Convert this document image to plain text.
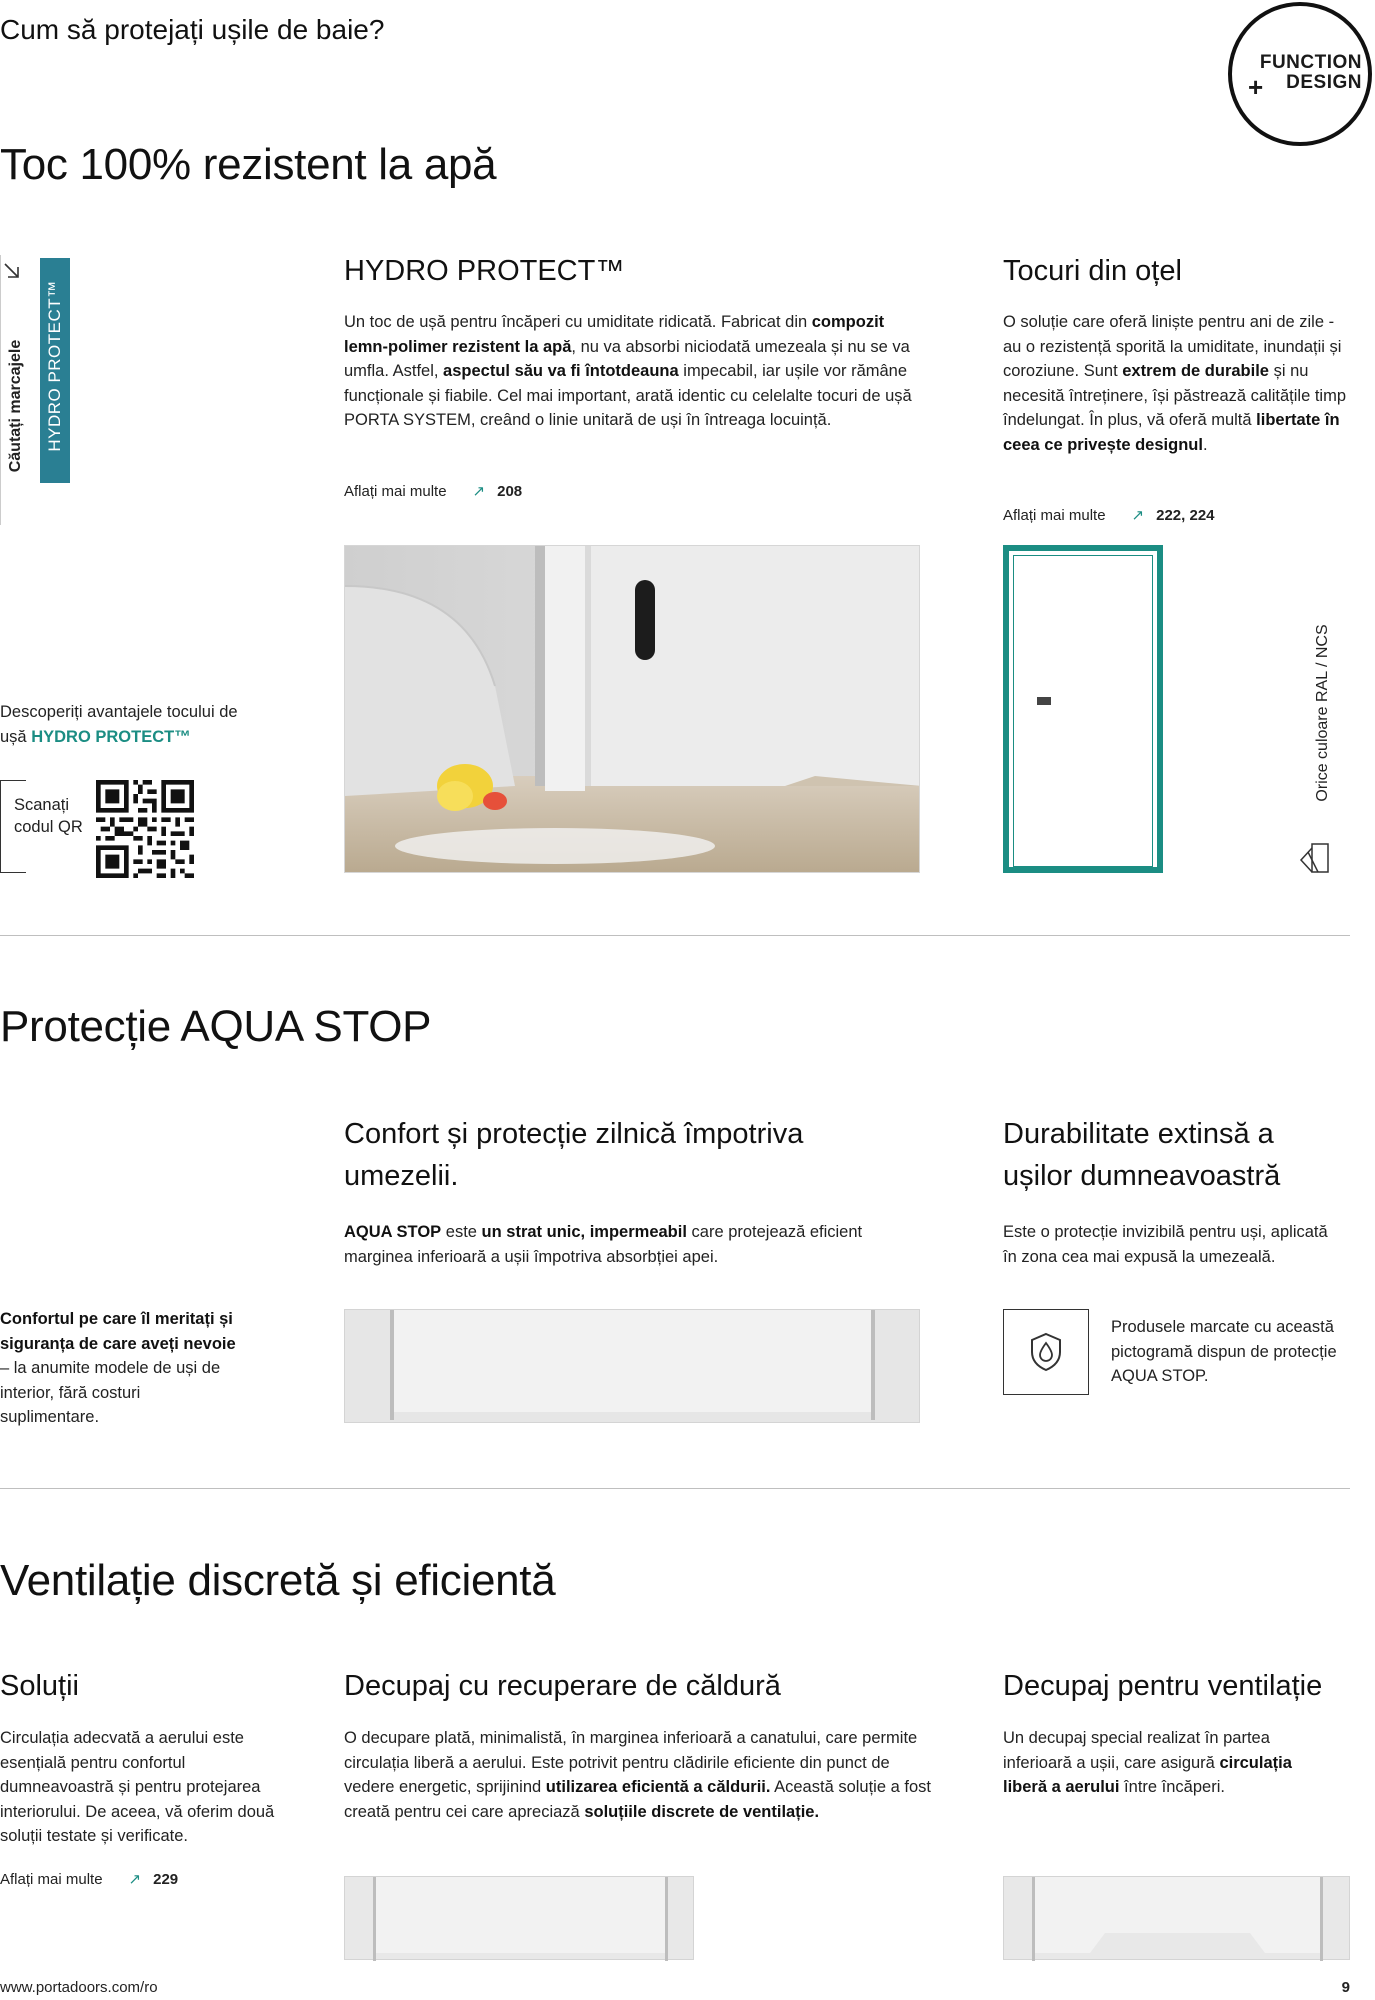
Cum să protejați ușile de baie?
FUNCTION
+	DESIGN
Toc 100% rezistent la apă
Căutați marcajele HYDRO PROTECT™
HYDRO PROTECT™
Un toc de ușă pentru încăperi cu umiditate ridicată. Fabricat din compozit lemn-polimer rezistent la apă, nu va absorbi niciodată umezeala și nu se va umfla. Astfel, aspectul său va fi întotdeauna impecabil, iar ușile vor rămâne funcționale și fiabile. Cel mai important, arată identic cu celelalte tocuri de ușă PORTA SYSTEM, creând o linie unitară de uși în întreaga locuință.
Aflați mai multe ↗ 208
Tocuri din oțel
O soluție care oferă liniște pentru ani de zile - au o rezistență sporită la umiditate, inundații și coroziune. Sunt extrem de durabile și nu necesită întreținere, își păstrează calitățile timp îndelungat. În plus, vă oferă multă libertate în ceea ce privește designul.
Aflați mai multe ↗ 222, 224
Descoperiți avantajele tocului de ușă HYDRO PROTECT™
Scanați codul QR
Orice culoare RAL / NCS
Protecție AQUA STOP
Confort și protecție zilnică împotriva umezelii.
AQUA STOP este un strat unic, impermeabil care protejează eficient marginea inferioară a ușii împotriva absorbției apei.
Durabilitate extinsă a ușilor dumneavoastră
Este o protecție invizibilă pentru uși, aplicată în zona cea mai expusă la umezeală.
Confortul pe care îl meritați și siguranța de care aveți nevoie – la anumite modele de uși de interior, fără costuri suplimentare.
Produsele marcate cu această pictogramă dispun de protecție AQUA STOP.
Ventilație discretă și eficientă
Soluții
Circulația adecvată a aerului este esențială pentru confortul dumneavoastră și pentru protejarea interiorului. De aceea, vă oferim două soluții testate și verificate.
Aflați mai multe ↗ 229
Decupaj cu recuperare de căldură
O decupare plată, minimalistă, în marginea inferioară a canatului, care permite circulația liberă a aerului. Este potrivit pentru clădirile eficiente din punct de vedere energetic, sprijinind utilizarea eficientă a căldurii. Această soluție a fost creată pentru cei care apreciază soluțiile discrete de ventilație.
Decupaj pentru ventilație
Un decupaj special realizat în partea inferioară a ușii, care asigură circulația liberă a aerului între încăperi.
www.portadoors.com/ro	9
